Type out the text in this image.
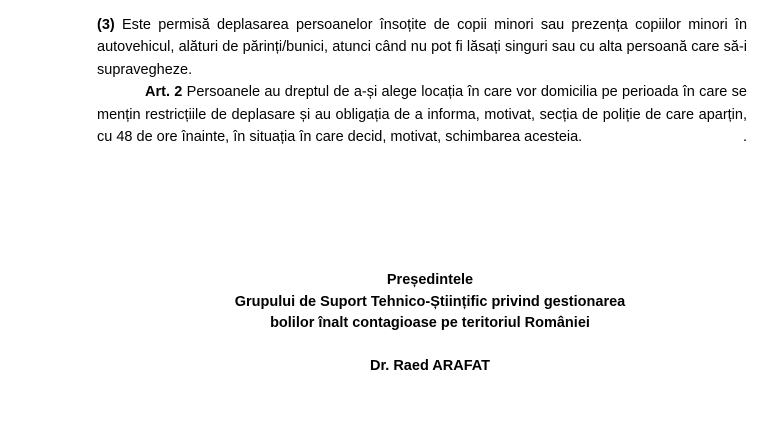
(3) Este permisă deplasarea persoanelor însoțite de copii minori sau prezența copiilor minori în autovehicul, alături de părinți/bunici, atunci când nu pot fi lăsați singuri sau cu alta persoană care să-i supravegheze.

Art. 2 Persoanele au dreptul de a-și alege locația în care vor domicilia pe perioada în care se mențin restricțiile de deplasare și au obligația de a informa, motivat, secția de poliție de care aparțin, cu 48 de ore înainte, în situația în care decid, motivat, schimbarea acesteia.	.

Președintele
Grupului de Suport Tehnico-Științific privind gestionarea
bolilor înalt contagioase pe teritoriul României
Dr. Raed ARAFAT
